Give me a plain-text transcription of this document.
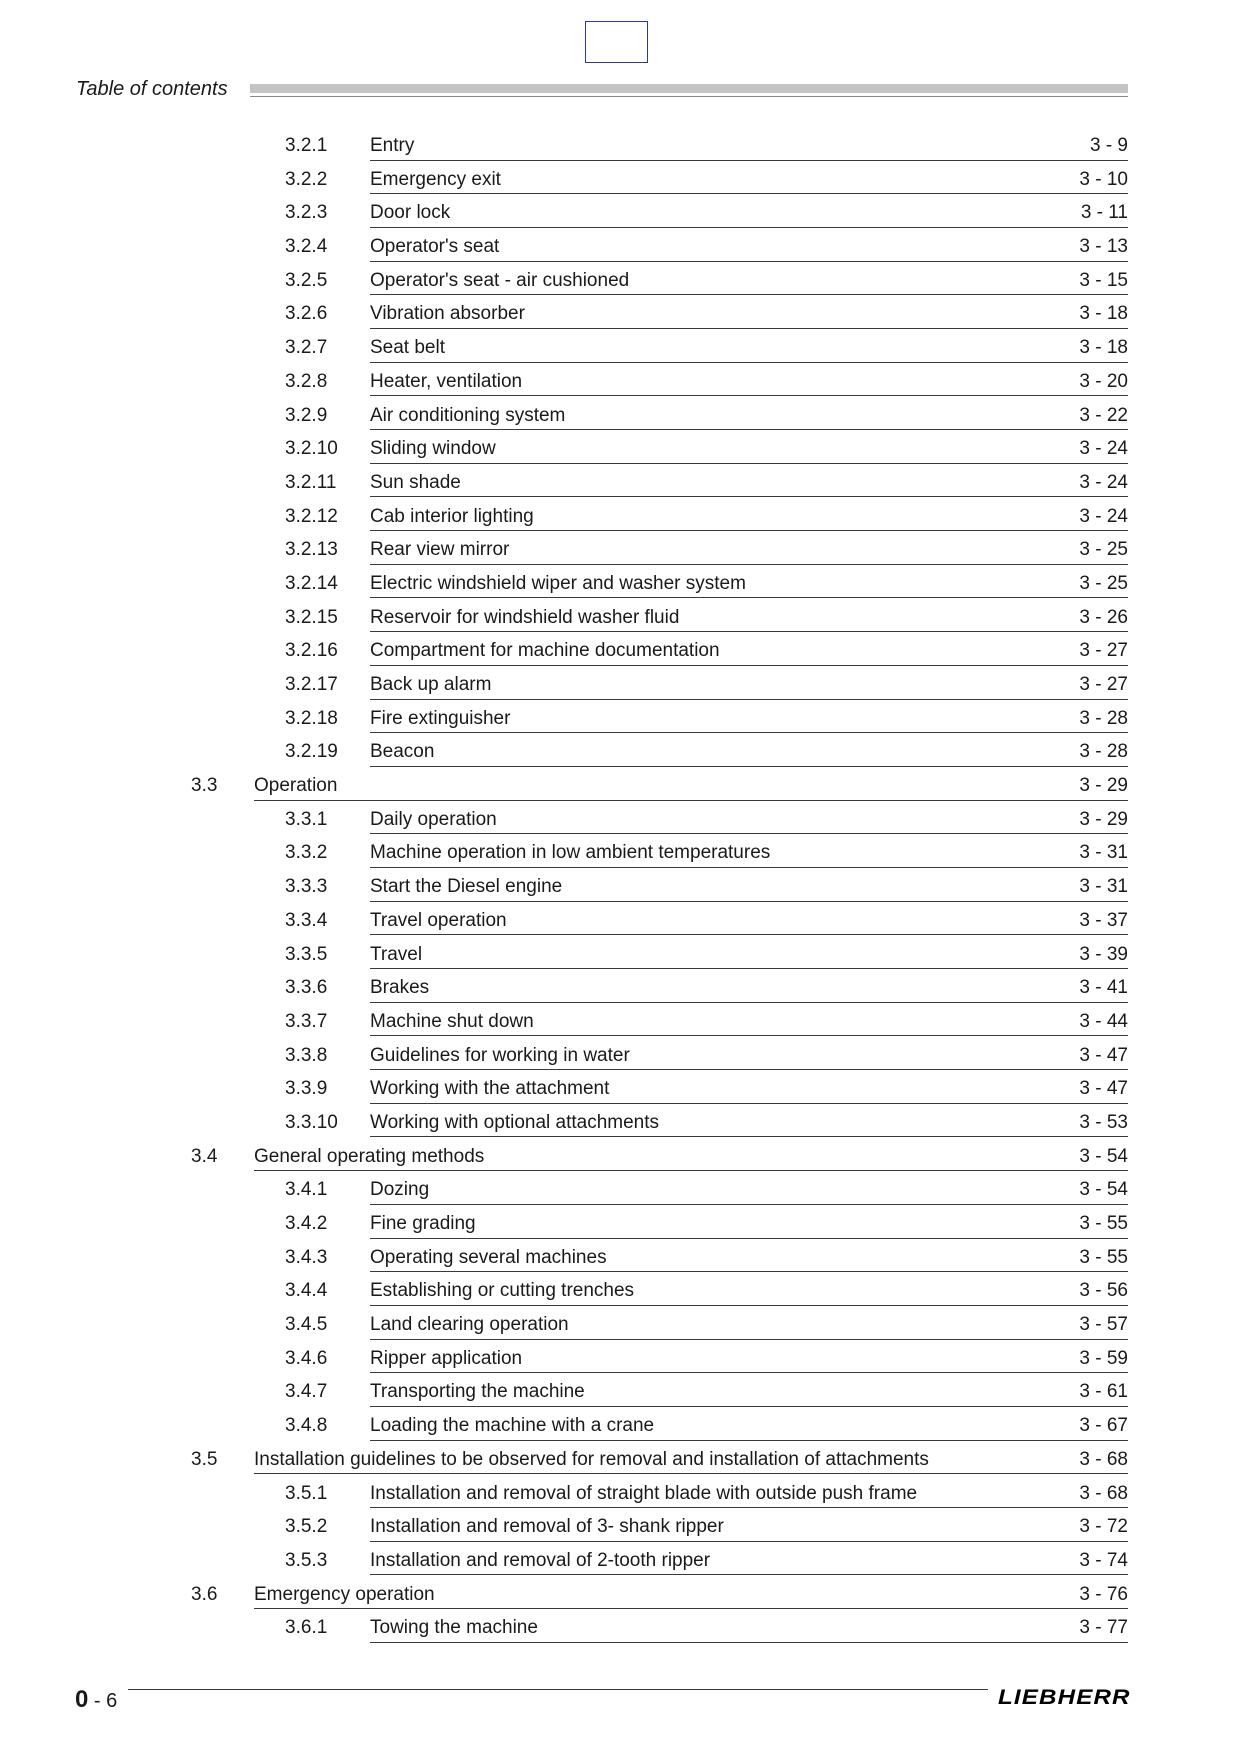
Table of contents
3.2.1 Entry	3 - 9
3.2.2 Emergency exit	3 - 10
3.2.3 Door lock	3 - 11
3.2.4 Operator's seat	3 - 13
3.2.5 Operator's seat - air cushioned	3 - 15
3.2.6 Vibration absorber	3 - 18
3.2.7 Seat belt	3 - 18
3.2.8 Heater, ventilation	3 - 20
3.2.9 Air conditioning system	3 - 22
3.2.10 Sliding window	3 - 24
3.2.11 Sun shade	3 - 24
3.2.12 Cab interior lighting	3 - 24
3.2.13 Rear view mirror	3 - 25
3.2.14 Electric windshield wiper and washer system	3 - 25
3.2.15 Reservoir for windshield washer fluid	3 - 26
3.2.16 Compartment for machine documentation	3 - 27
3.2.17 Back up alarm	3 - 27
3.2.18 Fire extinguisher	3 - 28
3.2.19 Beacon	3 - 28
3.3 Operation	3 - 29
3.3.1 Daily operation	3 - 29
3.3.2 Machine operation in low ambient temperatures	3 - 31
3.3.3 Start the Diesel engine	3 - 31
3.3.4 Travel operation	3 - 37
3.3.5 Travel	3 - 39
3.3.6 Brakes	3 - 41
3.3.7 Machine shut down	3 - 44
3.3.8 Guidelines for working in water	3 - 47
3.3.9 Working with the attachment	3 - 47
3.3.10 Working with optional attachments	3 - 53
3.4 General operating methods	3 - 54
3.4.1 Dozing	3 - 54
3.4.2 Fine grading	3 - 55
3.4.3 Operating several machines	3 - 55
3.4.4 Establishing or cutting trenches	3 - 56
3.4.5 Land clearing operation	3 - 57
3.4.6 Ripper application	3 - 59
3.4.7 Transporting the machine	3 - 61
3.4.8 Loading the machine with a crane	3 - 67
3.5 Installation guidelines to be observed for removal and installation of attachments	3 - 68
3.5.1 Installation and removal of straight blade with outside push frame	3 - 68
3.5.2 Installation and removal of 3- shank ripper	3 - 72
3.5.3 Installation and removal of 2-tooth ripper	3 - 74
3.6 Emergency operation	3 - 76
3.6.1 Towing the machine	3 - 77
0 - 6	LIEBHERR
